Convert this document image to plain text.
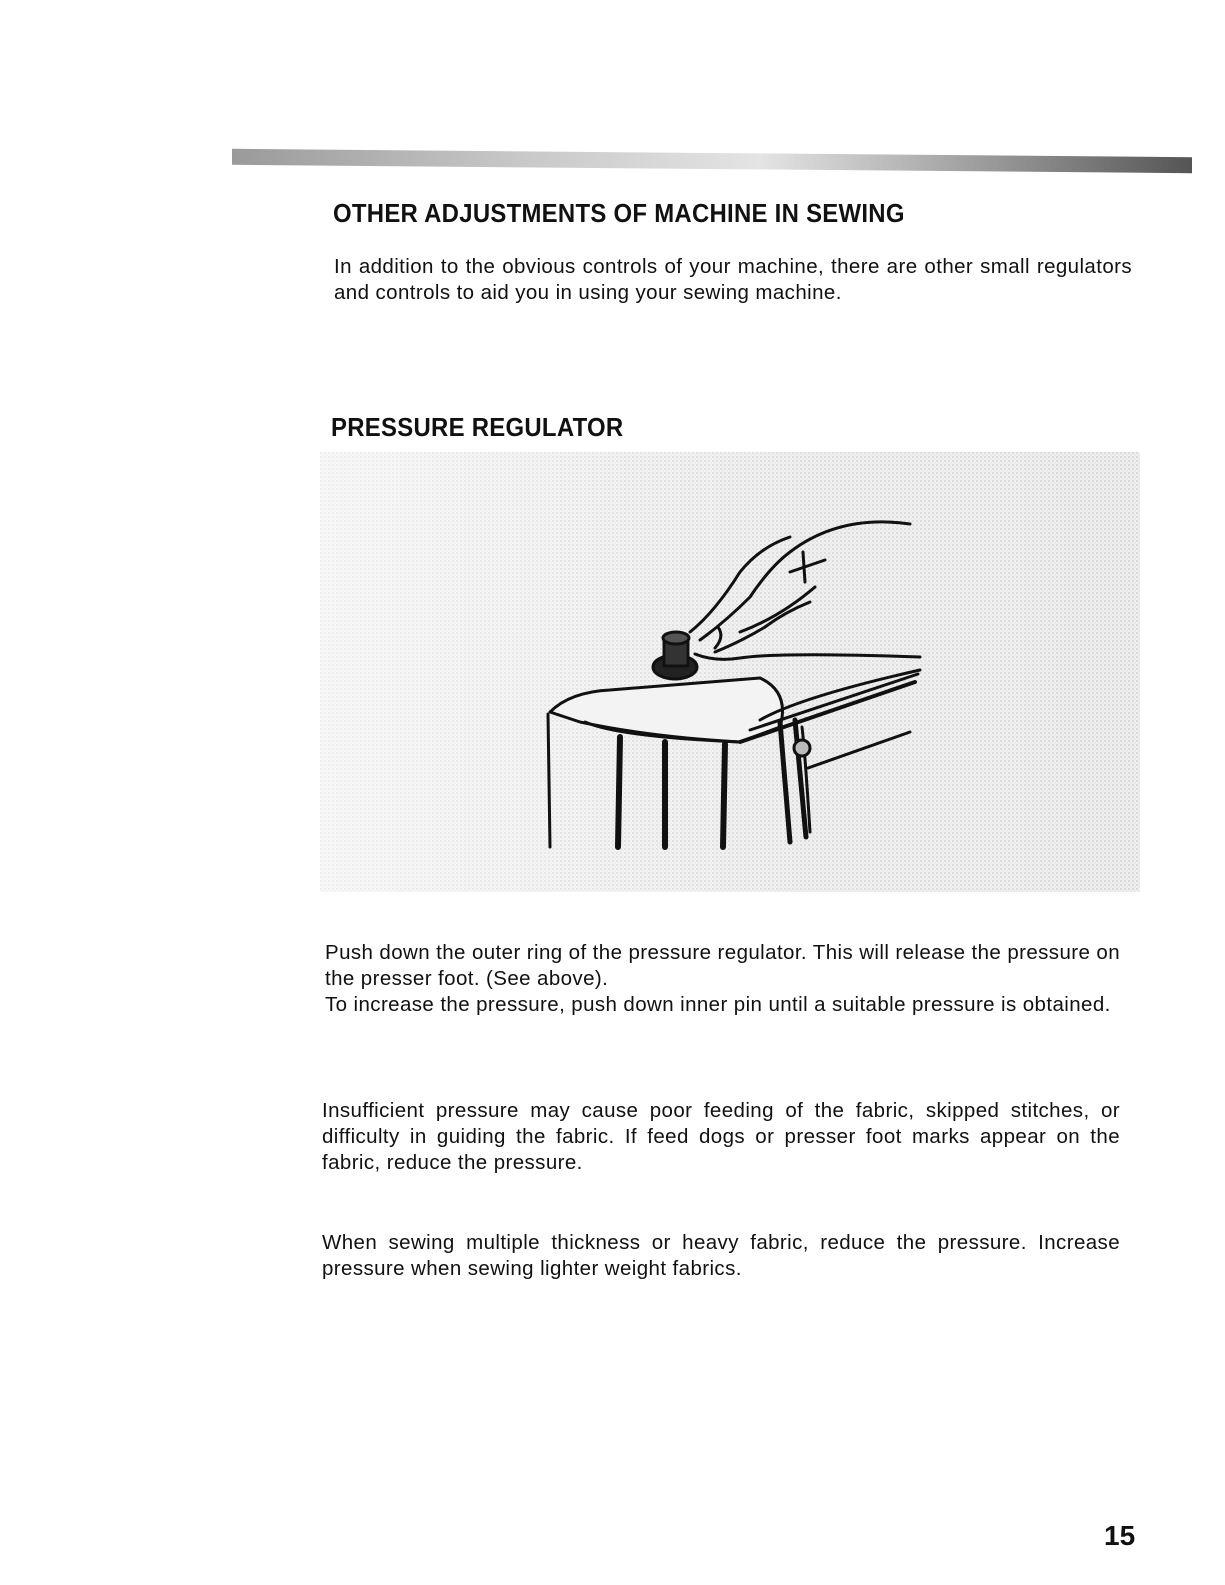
OTHER ADJUSTMENTS OF MACHINE IN SEWING

In addition to the obvious controls of your machine, there are other small regulators and controls to aid you in using your sewing machine.

PRESSURE REGULATOR

Push down the outer ring of the pressure regulator. This will release the pressure on the presser foot. (See above).

To increase the pressure, push down inner pin until a suitable pressure is obtained.

Insufficient pressure may cause poor feeding of the fabric, skipped stitches, or difficulty in guiding the fabric. If feed dogs or presser foot marks appear on the fabric, reduce the pressure.

When sewing multiple thickness or heavy fabric, reduce the pressure. Increase pressure when sewing lighter weight fabrics.

15
